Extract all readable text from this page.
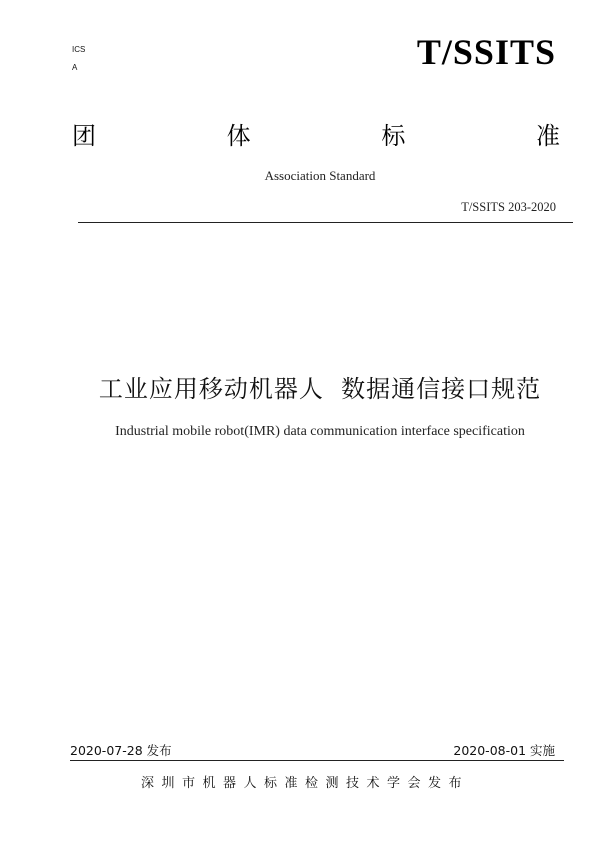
ICS
A	T/SSITS
团	体	标	准
Association Standard
T/SSITS 203-2020
工业应用移动机器人  数据通信接口规范
Industrial mobile robot(IMR) data communication interface specification
2020-07-28 发布	2020-08-01 实施
深圳市机器人标准检测技术学会发布
